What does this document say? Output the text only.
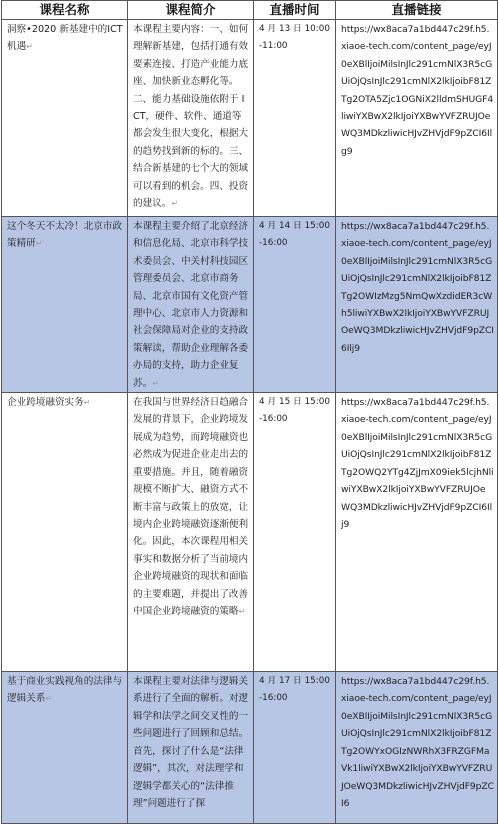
课程名称	课程简介	直播时间	直播链接
洞察•2020 新基建中的ICT 机遇↵	本课程主要内容：一、如何理解新基建，包括打通有效要素连接、打造产业能力底座、加快新业态孵化等。二、能力基础设施依附于 ICT，硬件、软件、通道等都会发生很大变化，根据大的趋势找到新的标的。三、结合新基建的七个大的领域可以看到的机会。四、投资的建议。↵	4 月 13 日 10:00-11:00	https://wx8aca7a1bd447c29f.h5.xiaoe-tech.com/content_page/eyJ0eXBlIjoiMilsInJlc291cmNlX3R5cGUiOjQsInJlc291cmNlX2lkIjoibF81ZTg2OTA5Zjc1OGNiX2lldmSHUGF4liwiYXBwX2lkIjoiYXBwYVFZRUJOeWQ3MDkzliwicHJvZHVjdF9pZCI6Ilg9
这个冬天不太冷！北京市政策精研↵	本课程主要介绍了北京经济和信息化局、北京市科学技术委员会、中关村科技园区管理委员会、北京市商务局、北京市国有文化资产管理中心、北京市人力资源和社会保障局对企业的支持政策解读，帮助企业理解各委办局的支持，助力企业复苏。↵	4 月 14 日 15:00-16:00	https://wx8aca7a1bd447c29f.h5.xiaoe-tech.com/content_page/eyJ0eXBlIjoiMilsInJlc291cmNlX3R5cGUiOjQsInJlc291cmNlX2lkIjoibF81ZTg2OWIzMzg5NmQwXzdidER3cWh5liwiYXBwX2lkIjoiYXBwYVFZRUJOeWQ3MDkzliwicHJvZHVjdF9pZCI6Ilj9
企业跨境融资实务↵	在我国与世界经济日趋融合发展的背景下，企业跨境发展成为趋势，而跨境融资也必然成为促进企业走出去的重要措施。并且，随着融资规模不断扩大、融资方式不断丰富与政策上的放宽，让境内企业跨境融资逐渐便利化。因此，本次课程用相关事实和数据分析了当前境内企业跨境融资的现状和面临的主要难题，并提出了改善中国企业跨境融资的策略↵	4 月 15 日 15:00-16:00	https://wx8aca7a1bd447c29f.h5.xiaoe-tech.com/content_page/eyJ0eXBlIjoiMilsInJlc291cmNlX3R5cGUiOjQsInJlc291cmNlX2lkIjoibF81ZTg2OWQ2YTg4ZjJmX09iek5lcjhNliwiYXBwX2lkIjoiYXBwYVFZRUJOeWQ3MDkzliwicHJvZHVjdF9pZCI6Ilj9
基于商业实践视角的法律与逻辑关系↵	本课程主要对法律与逻辑关系进行了全面的解析。对逻辑学和法学之间交叉性的一些问题进行了回顾和总结。首先，探讨了什么是“法律逻辑”，其次，对法理学和逻辑学都关心的“法律推理”问题进行了探	4 月 17 日 15:00-16:00	https://wx8aca7a1bd447c29f.h5.xiaoe-tech.com/content_page/eyJ0eXBlIjoiMilsInJlc291cmNlX3R5cGUiOjQsInJlc291cmNlX2lkIjoibF81ZTg2OWYxOGIzNWRhX3FRZGFMaVk1liwiYXBwX2lkIjoiYXBwYVFZRUJOeWQ3MDkzliwicHJvZHVjdF9pZCI6
